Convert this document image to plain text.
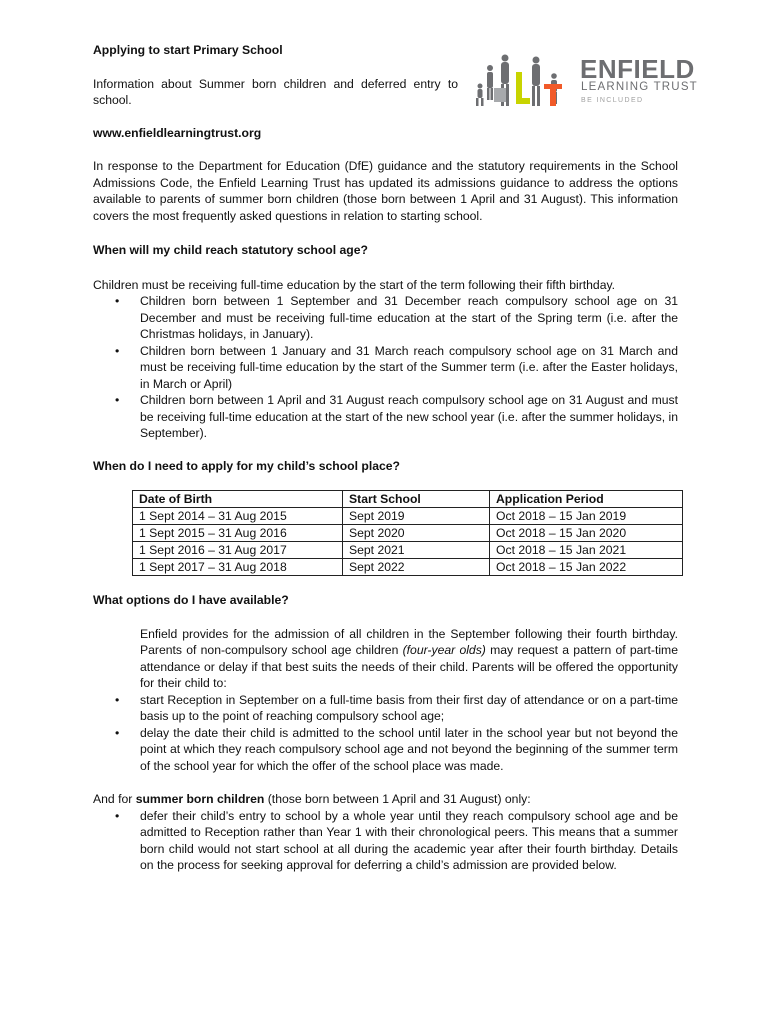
ENFIELD
LEARNING TRUST
BE INCLUDED

Applying to start Primary School

Information about Summer born children and deferred entry to school.

www.enfieldlearningtrust.org

In response to the Department for Education (DfE) guidance and the statutory requirements in the School Admissions Code, the Enfield Learning Trust has updated its admissions guidance to address the options available to parents of summer born children (those born between 1 April and 31 August). This information covers the most frequently asked questions in relation to starting school.

When will my child reach statutory school age?

Children must be receiving full-time education by the start of the term following their fifth birthday.

• Children born between 1 September and 31 December reach compulsory school age on 31 December and must be receiving full-time education at the start of the Spring term (i.e. after the Christmas holidays, in January).
• Children born between 1 January and 31 March reach compulsory school age on 31 March and must be receiving full-time education by the start of the Summer term (i.e. after the Easter holidays, in March or April)
• Children born between 1 April and 31 August reach compulsory school age on 31 August and must be receiving full-time education at the start of the new school year (i.e. after the summer holidays, in September).

When do I need to apply for my child’s school place?

Date of Birth	Start School	Application Period
1 Sept 2014 – 31 Aug 2015	Sept 2019	Oct 2018 – 15 Jan 2019
1 Sept 2015 – 31 Aug 2016	Sept 2020	Oct 2018 – 15 Jan 2020
1 Sept 2016 – 31 Aug 2017	Sept 2021	Oct 2018 – 15 Jan 2021
1 Sept 2017 – 31 Aug 2018	Sept 2022	Oct 2018 – 15 Jan 2022

What options do I have available?

Enfield provides for the admission of all children in the September following their fourth birthday. Parents of non-compulsory school age children (four-year olds) may request a pattern of part-time attendance or delay if that best suits the needs of their child. Parents will be offered the opportunity for their child to:

• start Reception in September on a full-time basis from their first day of attendance or on a part-time basis up to the point of reaching compulsory school age;
• delay the date their child is admitted to the school until later in the school year but not beyond the point at which they reach compulsory school age and not beyond the beginning of the summer term of the school year for which the offer of the school place was made.

And for summer born children (those born between 1 April and 31 August) only:

• defer their child’s entry to school by a whole year until they reach compulsory school age and be admitted to Reception rather than Year 1 with their chronological peers. This means that a summer born child would not start school at all during the academic year after their fourth birthday. Details on the process for seeking approval for deferring a child’s admission are provided below.
